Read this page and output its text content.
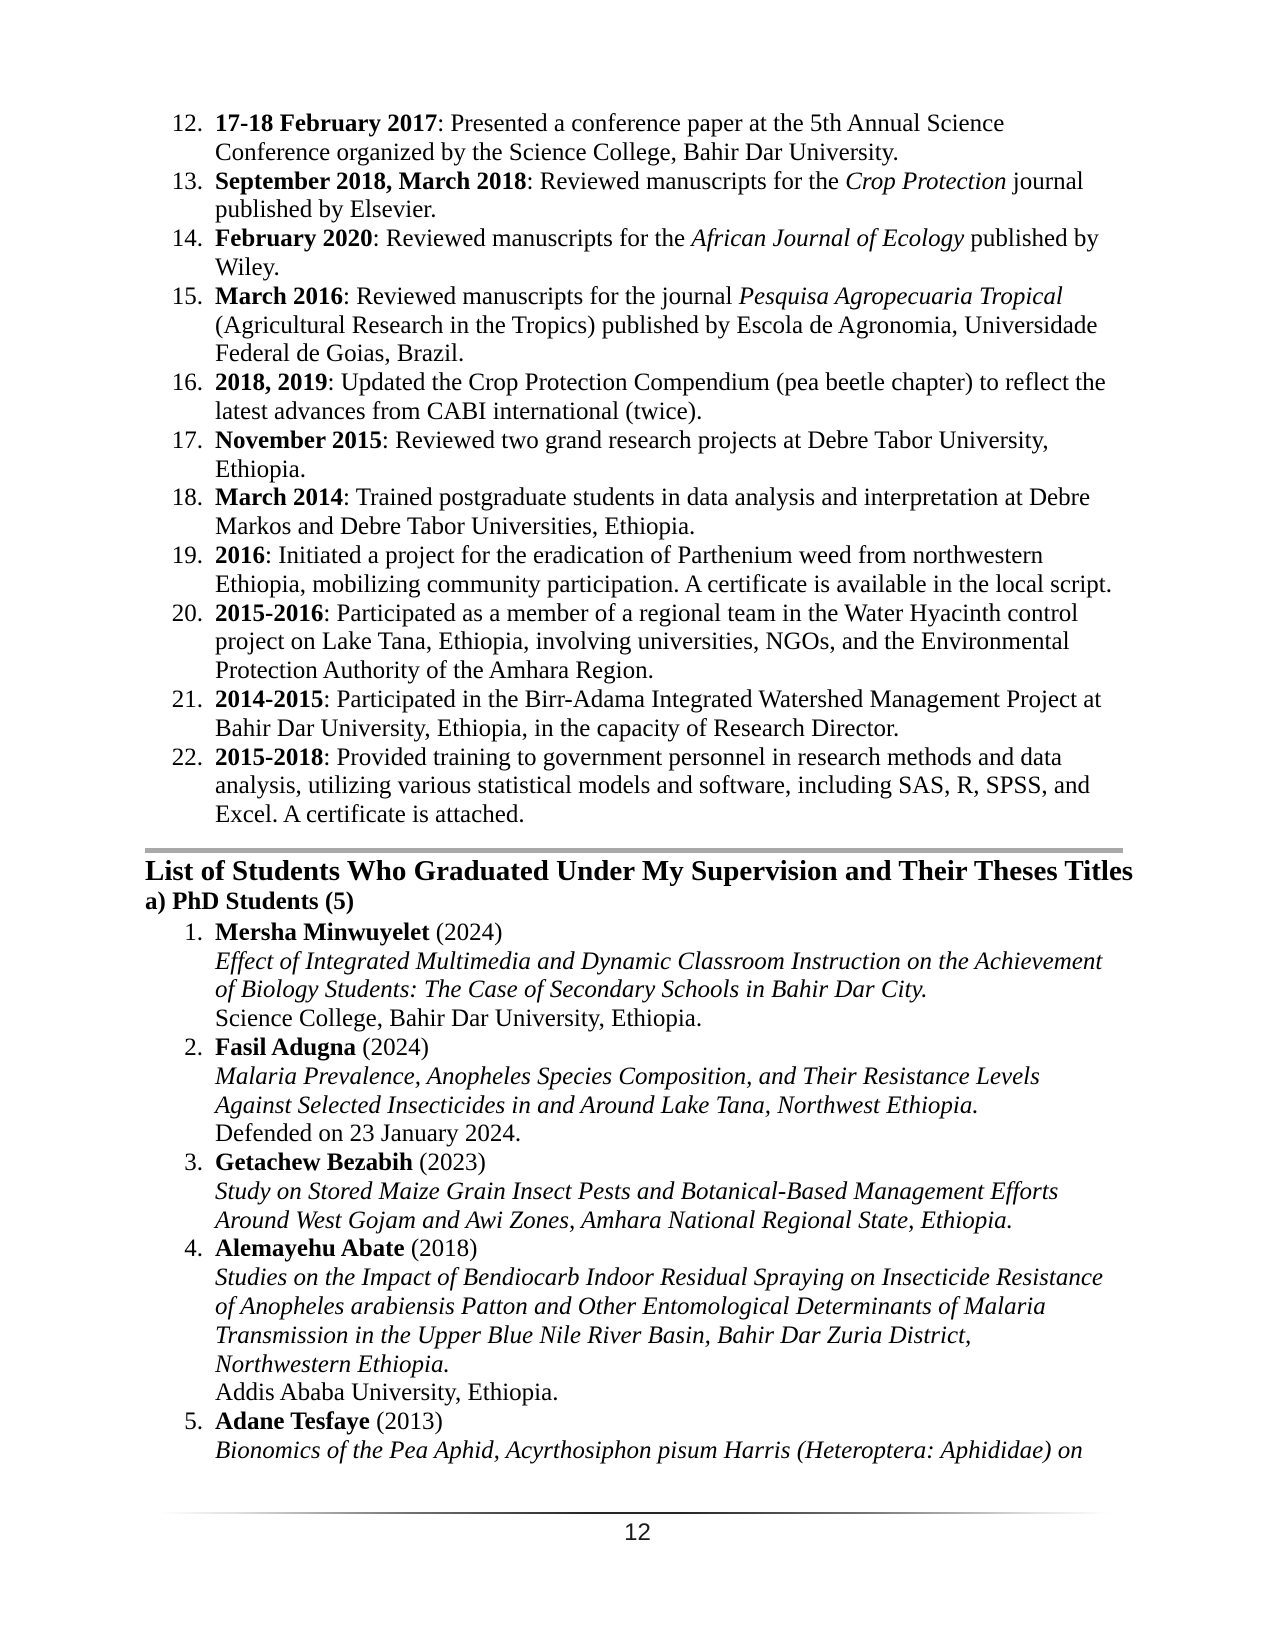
12. 17-18 February 2017: Presented a conference paper at the 5th Annual Science
Conference organized by the Science College, Bahir Dar University.
13. September 2018, March 2018: Reviewed manuscripts for the Crop Protection journal
published by Elsevier.
14. February 2020: Reviewed manuscripts for the African Journal of Ecology published by
Wiley.
15. March 2016: Reviewed manuscripts for the journal Pesquisa Agropecuaria Tropical
(Agricultural Research in the Tropics) published by Escola de Agronomia, Universidade
Federal de Goias, Brazil.
16. 2018, 2019: Updated the Crop Protection Compendium (pea beetle chapter) to reflect the
latest advances from CABI international (twice).
17. November 2015: Reviewed two grand research projects at Debre Tabor University,
Ethiopia.
18. March 2014: Trained postgraduate students in data analysis and interpretation at Debre
Markos and Debre Tabor Universities, Ethiopia.
19. 2016: Initiated a project for the eradication of Parthenium weed from northwestern
Ethiopia, mobilizing community participation. A certificate is available in the local script.
20. 2015-2016: Participated as a member of a regional team in the Water Hyacinth control
project on Lake Tana, Ethiopia, involving universities, NGOs, and the Environmental
Protection Authority of the Amhara Region.
21. 2014-2015: Participated in the Birr-Adama Integrated Watershed Management Project at
Bahir Dar University, Ethiopia, in the capacity of Research Director.
22. 2015-2018: Provided training to government personnel in research methods and data
analysis, utilizing various statistical models and software, including SAS, R, SPSS, and
Excel. A certificate is attached.
List of Students Who Graduated Under My Supervision and Their Theses Titles
a) PhD Students (5)
1. Mersha Minwuyelet (2024)
Effect of Integrated Multimedia and Dynamic Classroom Instruction on the Achievement
of Biology Students: The Case of Secondary Schools in Bahir Dar City.
Science College, Bahir Dar University, Ethiopia.
2. Fasil Adugna (2024)
Malaria Prevalence, Anopheles Species Composition, and Their Resistance Levels
Against Selected Insecticides in and Around Lake Tana, Northwest Ethiopia.
Defended on 23 January 2024.
3. Getachew Bezabih (2023)
Study on Stored Maize Grain Insect Pests and Botanical-Based Management Efforts
Around West Gojam and Awi Zones, Amhara National Regional State, Ethiopia.
4. Alemayehu Abate (2018)
Studies on the Impact of Bendiocarb Indoor Residual Spraying on Insecticide Resistance
of Anopheles arabiensis Patton and Other Entomological Determinants of Malaria
Transmission in the Upper Blue Nile River Basin, Bahir Dar Zuria District,
Northwestern Ethiopia.
Addis Ababa University, Ethiopia.
5. Adane Tesfaye (2013)
Bionomics of the Pea Aphid, Acyrthosiphon pisum Harris (Heteroptera: Aphididae) on
12
